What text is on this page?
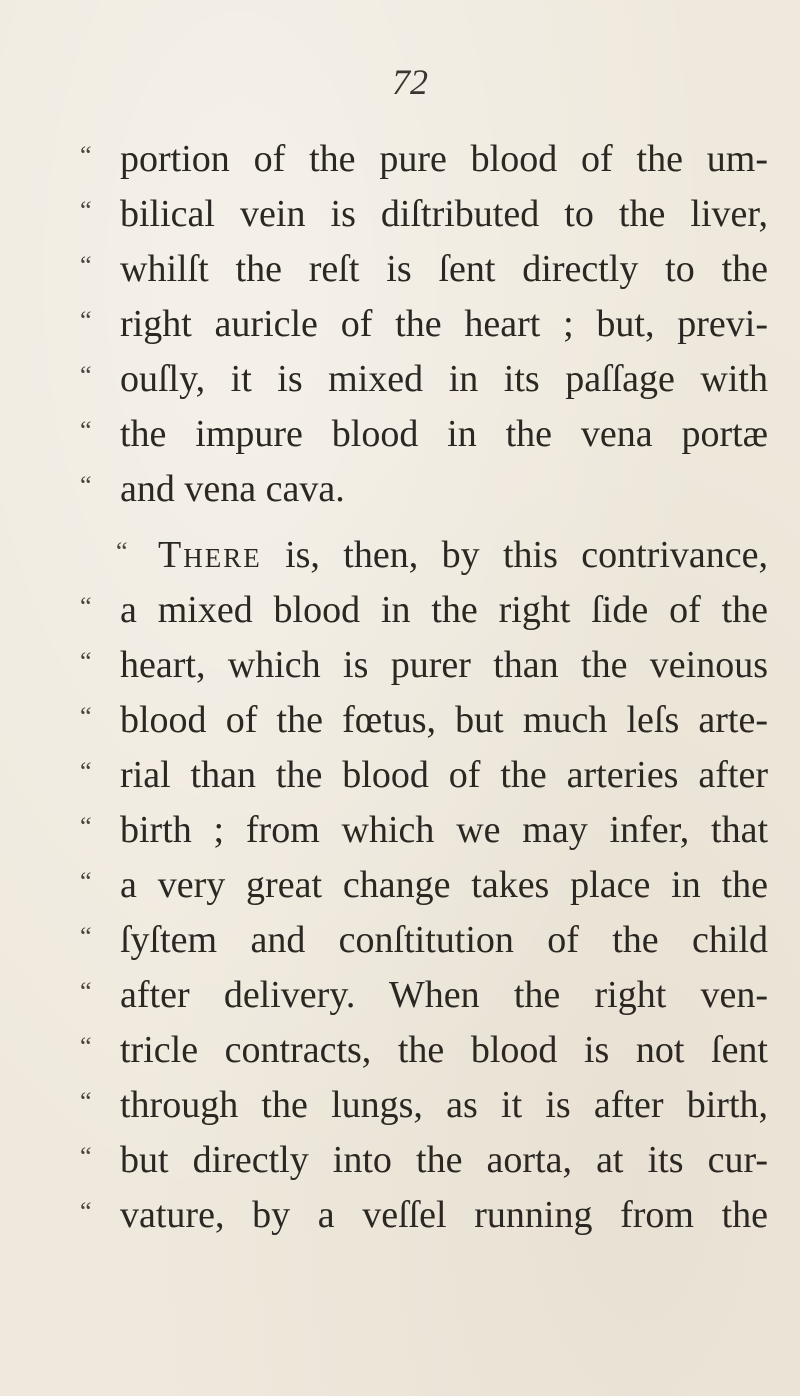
72
“ portion of the pure blood of the um-
“ bilical vein is diſtributed to the liver,
“ whilſt the reſt is ſent directly to the
“ right auricle of the heart ; but, previ-
“ ouſly, it is mixed in its paſſage with
“ the impure blood in the vena portæ
“ and vena cava.
“ There is, then, by this contrivance,
“ a mixed blood in the right ſide of the
“ heart, which is purer than the veinous
“ blood of the fœtus, but much leſs arte-
“ rial than the blood of the arteries after
“ birth ; from which we may infer, that
“ a very great change takes place in the
“ ſyſtem and conſtitution of the child
“ after delivery. When the right ven-
“ tricle contracts, the blood is not ſent
“ through the lungs, as it is after birth,
“ but directly into the aorta, at its cur-
“ vature, by a veſſel running from the
